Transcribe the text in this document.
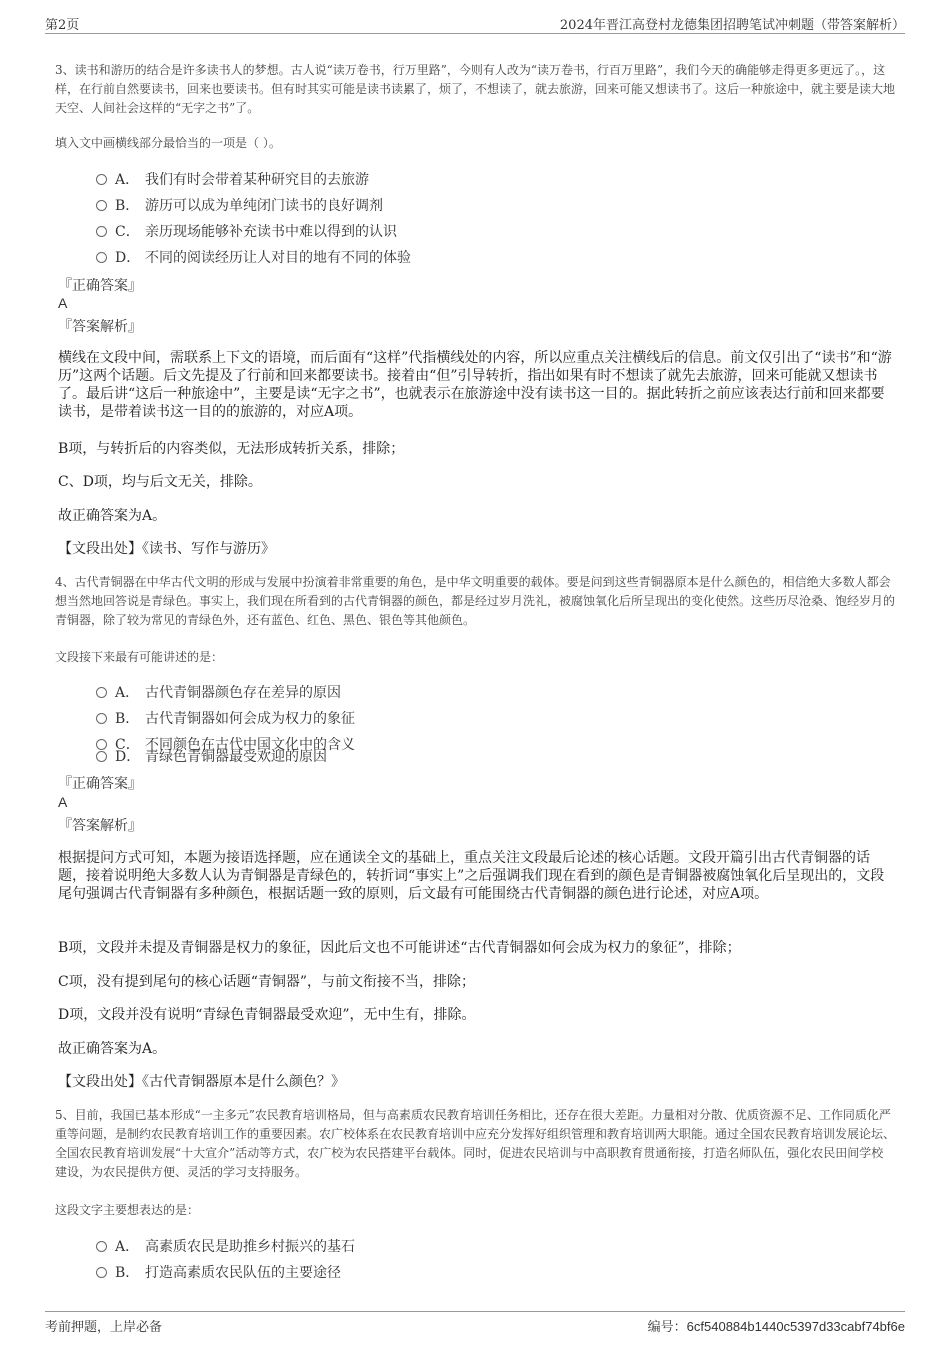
第2页	2024年晋江高登村龙德集团招聘笔试冲刺题（带答案解析）
3、读书和游历的结合是许多读书人的梦想。古人说“读万卷书，行万里路”，今则有人改为“读万卷书，行百万里路”，我们今天的确能够走得更多更远了。，这样，在行前自然要读书，回来也要读书。但有时其实可能是读书读累了，烦了，不想读了，就去旅游，回来可能又想读书了。这后一种旅途中，就主要是读大地天空、人间社会这样的“无字之书”了。
填入文中画横线部分最恰当的一项是（ ）。
A． 我们有时会带着某种研究目的去旅游
B． 游历可以成为单纯闭门读书的良好调剂
C． 亲历现场能够补充读书中难以得到的认识
D． 不同的阅读经历让人对目的地有不同的体验
『正确答案』
A
『答案解析』
横线在文段中间，需联系上下文的语境，而后面有“这样”代指横线处的内容，所以应重点关注横线后的信息。前文仅引出了“读书”和“游历”这两个话题。后文先提及了行前和回来都要读书。接着由“但”引导转折，指出如果有时不想读了就先去旅游，回来可能就又想读书了。最后讲“这后一种旅途中”，主要是读“无字之书”，也就表示在旅游途中没有读书这一目的。据此转折之前应该表达行前和回来都要读书，是带着读书这一目的的旅游的，对应A项。
B项，与转折后的内容类似，无法形成转折关系，排除；
C、D项，均与后文无关，排除。
故正确答案为A。
【文段出处】《读书、写作与游历》
4、古代青铜器在中华古代文明的形成与发展中扮演着非常重要的角色，是中华文明重要的载体。要是问到这些青铜器原本是什么颜色的，相信绝大多数人都会想当然地回答说是青绿色。事实上，我们现在所看到的古代青铜器的颜色，都是经过岁月洗礼，被腐蚀氧化后所呈现出的变化使然。这些历尽沧桑、饱经岁月的青铜器，除了较为常见的青绿色外，还有蓝色、红色、黑色、银色等其他颜色。
文段接下来最有可能讲述的是：
A． 古代青铜器颜色存在差异的原因
B． 古代青铜器如何会成为权力的象征
C． 不同颜色在古代中国文化中的含义
D． 青绿色青铜器最受欢迎的原因
『正确答案』
A
『答案解析』
根据提问方式可知，本题为接语选择题，应在通读全文的基础上，重点关注文段最后论述的核心话题。文段开篇引出古代青铜器的话题，接着说明绝大多数人认为青铜器是青绿色的，转折词“事实上”之后强调我们现在看到的颜色是青铜器被腐蚀氧化后呈现出的，文段尾句强调古代青铜器有多种颜色，根据话题一致的原则，后文最有可能围绕古代青铜器的颜色进行论述，对应A项。
B项，文段并未提及青铜器是权力的象征，因此后文也不可能讲述“古代青铜器如何会成为权力的象征”，排除；
C项，没有提到尾句的核心话题“青铜器”，与前文衔接不当，排除；
D项，文段并没有说明“青绿色青铜器最受欢迎”，无中生有，排除。
故正确答案为A。
【文段出处】《古代青铜器原本是什么颜色？》
5、目前，我国已基本形成“一主多元”农民教育培训格局，但与高素质农民教育培训任务相比，还存在很大差距。力量相对分散、优质资源不足、工作同质化严重等问题，是制约农民教育培训工作的重要因素。农广校体系在农民教育培训中应充分发挥好组织管理和教育培训两大职能。通过全国农民教育培训发展论坛、全国农民教育培训发展“十大宣介”活动等方式，农广校为农民搭建平台载体。同时，促进农民培训与中高职教育贯通衔接，打造名师队伍，强化农民田间学校建设，为农民提供方便、灵活的学习支持服务。
这段文字主要想表达的是：
A． 高素质农民是助推乡村振兴的基石
B． 打造高素质农民队伍的主要途径
考前押题，上岸必备	编号：6cf540884b1440c5397d33cabf74bf6e
